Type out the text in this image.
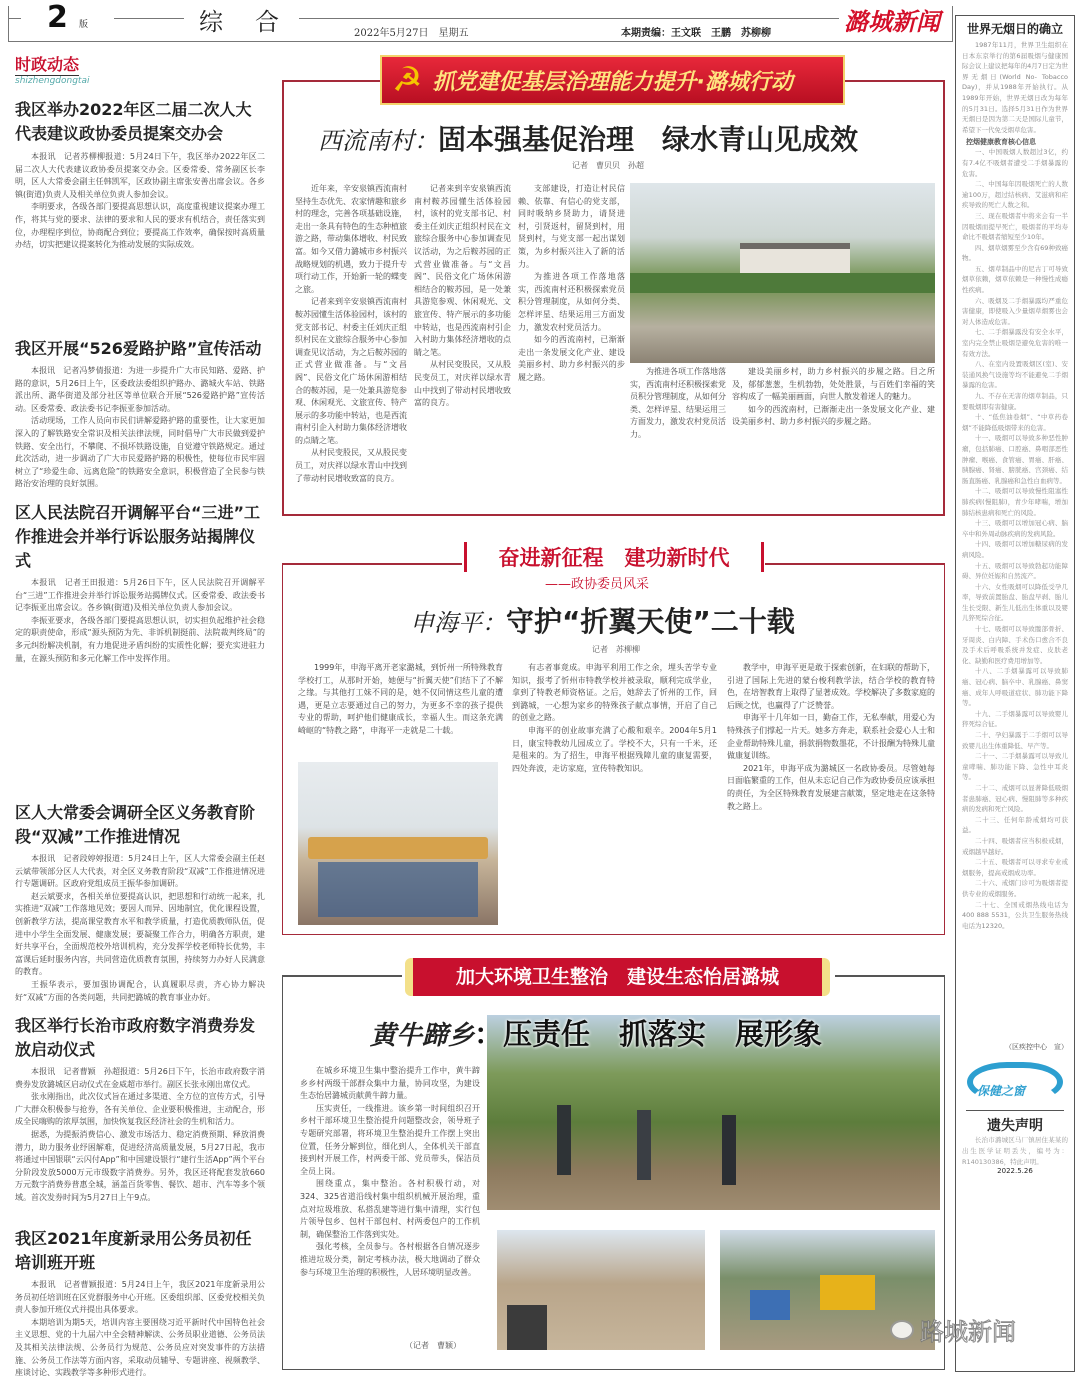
2 版	综　合	2022年5月27日　星期五	本期责编：王文联　王鹏　苏柳柳	潞城新闻
时政动态
shizhengdongtai
我区举办2022年区二届二次人大代表建议政协委员提案交办会

本报讯　记者苏柳柳报道：5月24日下午，我区举办2022年区二届二次人大代表建议政协委员提案交办会。区委常委、常务副区长李明，区人大常委会副主任韩凯军，区政协副主席张安善出席会议。各乡镇(街道)负责人及相关单位负责人参加会议。

李明要求，各级各部门要提高思想认识，高度重视建议提案办理工作，将其与党的要求、法律的要求和人民的要求有机结合，责任落实到位，办理程序到位，协商配合到位；要提高工作效率，确保按时高质量办结，切实把建议提案转化为推动发展的实际成效。

我区开展“526爱路护路”宣传活动

本报讯　记者冯梦倩报道：为进一步提升广大市民知路、爱路、护路的意识，5月26日上午，区委政法委组织护路办、潞城火车站、铁路派出所、潞华街道及部分社区等单位联合开展“526爱路护路”宣传活动。区委常委、政法委书记李振亚参加活动。

活动现场，工作人员向市民们讲解爱路护路的重要性，让大家更加深入的了解铁路安全常识及相关法律法规，同时倡导广大市民做到爱护铁路、安全出行，不攀爬、不损坏铁路设施，自觉遵守铁路规定。通过此次活动，进一步调动了广大市民爱路护路的积极性，使每位市民牢固树立了“珍爱生命、远离危险”的铁路安全意识，积极营造了全民参与铁路治安治理的良好氛围。

区人民法院召开调解平台“三进”工作推进会并举行诉讼服务站揭牌仪式

本报讯　记者王田报道：5月26日下午，区人民法院召开调解平台“三进”工作推进会并举行诉讼服务站揭牌仪式。区委常委、政法委书记李振亚出席会议。各乡镇(街道)及相关单位负责人参加会议。

李振亚要求，各级各部门要提高思想认识，切实担负起维护社会稳定的职责使命，形成“源头预防为先、非诉机制挺前、法院裁判终局”的多元纠纷解决机制，有力地促进矛盾纠纷的实质性化解；要充实进驻力量，在源头预防和多元化解工作中发挥作用。

区人大常委会调研全区义务教育阶段“双减”工作推进情况

本报讯　记者段婷婷报道：5月24日上午，区人大常委会副主任赵云斌带领部分区人大代表，对全区义务教育阶段“双减”工作推进情况进行专题调研。区政府党组成员王振华参加调研。

赵云斌要求，各相关单位要提高认识，把思想和行动统一起来，扎实推进“双减”工作落地见效；要因人而异、因地制宜，优化课程设置，创新教学方法，提高课堂教育水平和教学质量，打造优质教师队伍，促进中小学生全面发展、健康发展；要凝聚工作合力，明确各方职责，建好共享平台，全面规范校外培训机构，充分发挥学校老师特长优势，丰富课后延时服务内容，共同营造优质教育氛围，持续努力办好人民满意的教育。

王振华表示，要加强协调配合，认真履职尽责，齐心协力解决好“双减”方面的各类问题，共同把潞城的教育事业办好。

我区举行长治市政府数字消费券发放启动仪式

本报讯　记者曹颖　孙超报道：5月26日下午，长治市政府数字消费券发放潞城区启动仪式在金威超市举行。副区长张永刚出席仪式。

张永刚指出，此次仪式旨在通过多渠道、全方位的宣传方式，引导广大群众积极参与抢券，各有关单位、企业要积极推进，主动配合，形成全民嗨购的浓厚氛围，加快恢复我区经济社会的生机和活力。

据悉，为提振消费信心、激发市场活力、稳定消费预期、释放消费潜力，助力服务业纾困解难，促进经济高质量发展，5月27日起，我市将通过中国银联“云闪付App”和中国建设银行“建行生活App”两个平台分阶段发放5000万元市级数字消费券。另外，我区还将配套发放660万元数字消费券普惠全城，涵盖百货零售、餐饮、超市、汽车等多个领域。首次发券时间为5月27日上午9点。

我区2021年度新录用公务员初任培训班开班

本报讯　记者曹颖报道：5月24日上午，我区2021年度新录用公务员初任培训班在区党群服务中心开班。区委组织部、区委党校相关负责人参加开班仪式并提出具体要求。

本期培训为期5天，培训内容主要围绕习近平新时代中国特色社会主义思想、党的十九届六中全会精神解读、公务员职业道德、公务员法及其相关法律法规、公务员行为规范、公务员应对突发事件的方法措施、公务员工作法等方面内容，采取动员辅导、专题讲座、视频教学、座谈讨论、实践教学等多种形式进行。

☭ 抓党建促基层治理能力提升·潞城行动
西流南村：固本强基促治理　绿水青山见成效
记者　曹贝贝　孙超

近年来，辛安泉镇西流南村坚持生态优先、农家情趣和旅乡村的理念，完善各项基础设施，走出一条具有特色的生态种植旅游之路，带动集体增收、村民致富。如今又借力潞城市乡村振兴战略规划的机遇，致力于提升专项行动工作，开始新一轮的蝶变之旅。

记者来到辛安泉镇西流南村鞍苏园懂生活体验园村，该村的党支部书记、村委主任刘庆正组织村民在文旅综合服务中心参加调查见议活动，为之后鞍苏园的正式营业做准备。与“文昌阁”、民俗文化广场休闲游相结合的鞍苏园，是一处兼具游览参观、休闲观光、文旅宣传、特产展示的多功能中转站，也是西流南村引企入村助力集体经济增收的点睛之笔。

从村民变股民，又从股民变员工，对庆祥以绿水青山中找到了带动村民增收致富的良方。

记者来到辛安泉镇西流南村鞍苏园懂生活体验园村，该村的党支部书记、村委主任刘庆正组织村民在文旅综合服务中心参加调查见议活动，为之后鞍苏园的正式营业做准备。与“文昌阁”、民俗文化广场休闲游相结合的鞍苏园，是一处兼具游览参观、休闲观光、文旅宣传、特产展示的多功能中转站，也是西流南村引企入村助力集体经济增收的点睛之笔。

从村民变股民，又从股民变员工，对庆祥以绿水青山中找到了带动村民增收致富的良方。

支部建设，打造让村民信赖、依靠、有信心的党支部，同时吸纳乡贤助力，请贤进村，引贤返村，留贤到村，用贤到村，与党支部一起出谋划策，为乡村振兴注入了新的活力。

为推进各项工作落地落实，西流南村还积极探索党员积分管理制度，从如何分类、怎样评星、结果运用三方面发力，激发农村党员活力。

如今的西流南村，已渐渐走出一条发展文化产业、建设美丽乡村、助力乡村振兴的步履之路。

为推进各项工作落地落实，西流南村还积极探索党员积分管理制度，从如何分类、怎样评星、结果运用三方面发力，激发农村党员活力。

建设美丽乡村，助力乡村振兴的步履之路。目之所及，郁郁葱葱，生机勃勃，处处胜景，与百姓们幸福的笑容构成了一幅美丽画面，向世人散发着迷人的魅力。

如今的西流南村，已渐渐走出一条发展文化产业、建设美丽乡村、助力乡村振兴的步履之路。

奋进新征程　建功新时代
——政协委员风采
申海平：守护“折翼天使”二十载
记者　苏柳柳

1999年，申海平离开老家潞城，到忻州一所特殊教育学校打工，从那时开始，她便与“折翼天使”们结下了不解之缘。与其他打工妹不同的是，她不仅同情这些儿童的遭遇，更是立志要通过自己的努力，为更多不幸的孩子提供专业的帮助，呵护他们健康成长，幸福人生。而这条充满崎岖的“特教之路”，申海平一走就是二十载。

有志者事竟成。申海平利用工作之余，埋头苦学专业知识，报考了忻州市特教学校并被录取，顺利完成学业，拿到了特教老师资格证。之后，她辞去了忻州的工作，回到潞城，一心想为家乡的特殊孩子献点事情，开启了自己的创业之路。

申海平的创业故事充满了心酸和艰辛。2004年5月1日，康宝特教幼儿园成立了。学校不大，只有一千米，还是租来的。为了招生，申海平根据残障儿童的康复需要，四处奔波，走访家庭，宣传特教知识。

教学中，申海平更是敢于探索创新，在妇联的帮助下，引进了国际上先进的蒙台梭利教学法，结合学校的教育特色，在培智教育上取得了显著成效。学校解决了多数家庭的后顾之忧，也赢得了广泛赞誉。

申海平十几年如一日，勤奋工作，无私奉献，用爱心为特殊孩子们撑起一片天。她多方奔走，联系社会爱心人士和企业帮助特殊儿童，捐款捐物数墨花，不计报酬为特殊儿童做康复训练。

2021年，申海平成为潞城区一名政协委员。尽管她每日面临繁重的工作，但从未忘记自己作为政协委员应该承担的责任，为全区特殊教育发展建言献策，坚定地走在这条特教之路上。

加大环境卫生整治　建设生态怡居潞城
黄牛蹄乡：压责任　抓落实　展形象

在城乡环境卫生集中整治提升工作中，黄牛蹄乡乡村两级干部群众集中力量，协同攻坚，为建设生态怡居潞城贡献黄牛蹄力量。

压实责任，一线推进。该乡第一时间组织召开乡村干部环境卫生整治提升问题整改会，领导班子专题研究部署，将环境卫生整治提升工作摆上突出位置，任务分解到位，细化到人，全体机关干部直接到村开展工作，村两委干部、党员带头，保洁员全员上岗。

围绕重点，集中整治。各村积极行动，对324、325省道沿线村集中组织机械开展治理，重点对垃圾堆放、私搭乱建等进行集中清理，实行包片领导包乡、包村干部包村、村两委包户的工作机制，确保整治工作落到实处。

强化考核，全员参与。各村根据各自情况逐步推进垃圾分类，制定考核办法，极大地调动了群众参与环境卫生治理的积极性，人居环境明显改善。

（记者　曹颖）
世界无烟日的确立

1987年11月，世界卫生组织在日本东京举行的第6届吸烟与健康国际会议上建议把每年的4月7日定为世界无烟日(World No- Tobacco Day)，并从1988年开始执行。从1989年开始，世界无烟日改为每年的5月31日。选择5月31日作为世界无烟日是因为第二天是国际儿童节，希望下一代免受烟草危害。

控烟健康教育核心信息

一、中国吸烟人数超过3亿，约有7.4亿不吸烟者遭受二手烟暴露的危害。

二、中国每年因吸烟死亡的人数逾100万，超过结核病、艾滋病和疟疾导致的死亡人数之和。

三、现在吸烟者中将来会有一半因吸烟而提早死亡，吸烟者的平均寿命比不吸烟者缩短至少10年。

四、烟草烟雾至少含有69种致癌物。

五、烟草制品中的尼古丁可导致烟草依赖，烟草依赖是一种慢性成瘾性疾病。

六、吸烟及二手烟暴露均严重危害健康，即使吸入少量烟草烟雾也会对人体造成危害。

七、二手烟暴露没有安全水平，室内完全禁止吸烟是避免危害的唯一有效方法。

八、在室内设置吸烟区(室)、安装通风换气设施等均不能避免二手烟暴露的危害。

九、不存在无害的烟草制品，只要吸烟即有害健康。

十、“低焦油卷烟”、“中草药卷烟”不能降低吸烟带来的危害。

十一、吸烟可以导致多种恶性肿瘤，包括肺癌、口腔癌、鼻咽部恶性肿瘤、喉癌、食管癌、胃癌、肝癌、胰腺癌、肾癌、膀胱癌、宫颈癌、结肠直肠癌、乳腺癌和急性白血病等。

十二、吸烟可以导致慢性阻塞性肺疾病(慢阻肺)，青少年哮喘，增加肺结核患病和死亡的风险。

十三、吸烟可以增加冠心病、脑卒中和外周动脉疾病的发病风险。

十四、吸烟可以增加糖尿病的发病风险。

十五、吸烟可以导致勃起功能障碍、异位妊娠和自然流产。

十六、女性吸烟可以降低受孕几率，导致前置胎盘、胎盘早剥、胎儿生长受限、新生儿低出生体重以及婴儿猝死综合征。

十七、吸烟可以导致髋部骨折、牙周炎、白内障、手术伤口愈合不良及手术后呼吸系统并发症、皮肤老化、缺勤和医疗费用增加等。

十八、二手烟暴露可以导致肺癌、冠心病、脑卒中、乳腺癌、鼻窦癌、成年人呼吸道症状、肺功能下降等。

十九、二手烟暴露可以导致婴儿猝死综合征。

二十、孕妇暴露于二手烟可以导致婴儿出生体重降低、早产等。

二十一、二手烟暴露可以导致儿童哮喘、肺功能下降、急性中耳炎等。

二十二、戒烟可以显著降低吸烟者患肺癌、冠心病、慢阻肺等多种疾病的发病和死亡风险。

二十三、任何年龄戒烟均可获益。

二十四、吸烟者应当积极戒烟，戒烟越早越好。

二十五、吸烟者可以寻求专业戒烟服务，提高戒烟成功率。

二十六、戒烟门诊可为吸烟者提供专业的戒烟服务。

二十七、全国戒烟热线电话为400 888 5531，公共卫生服务热线电话为12320。

（区疾控中心　宣）
保健之窗
遗失声明

长治市潞城区马厂镇居住某某的出生医学证明丢失，编号为：R140130386，特此声明。

2022.5.26
路城新闻
